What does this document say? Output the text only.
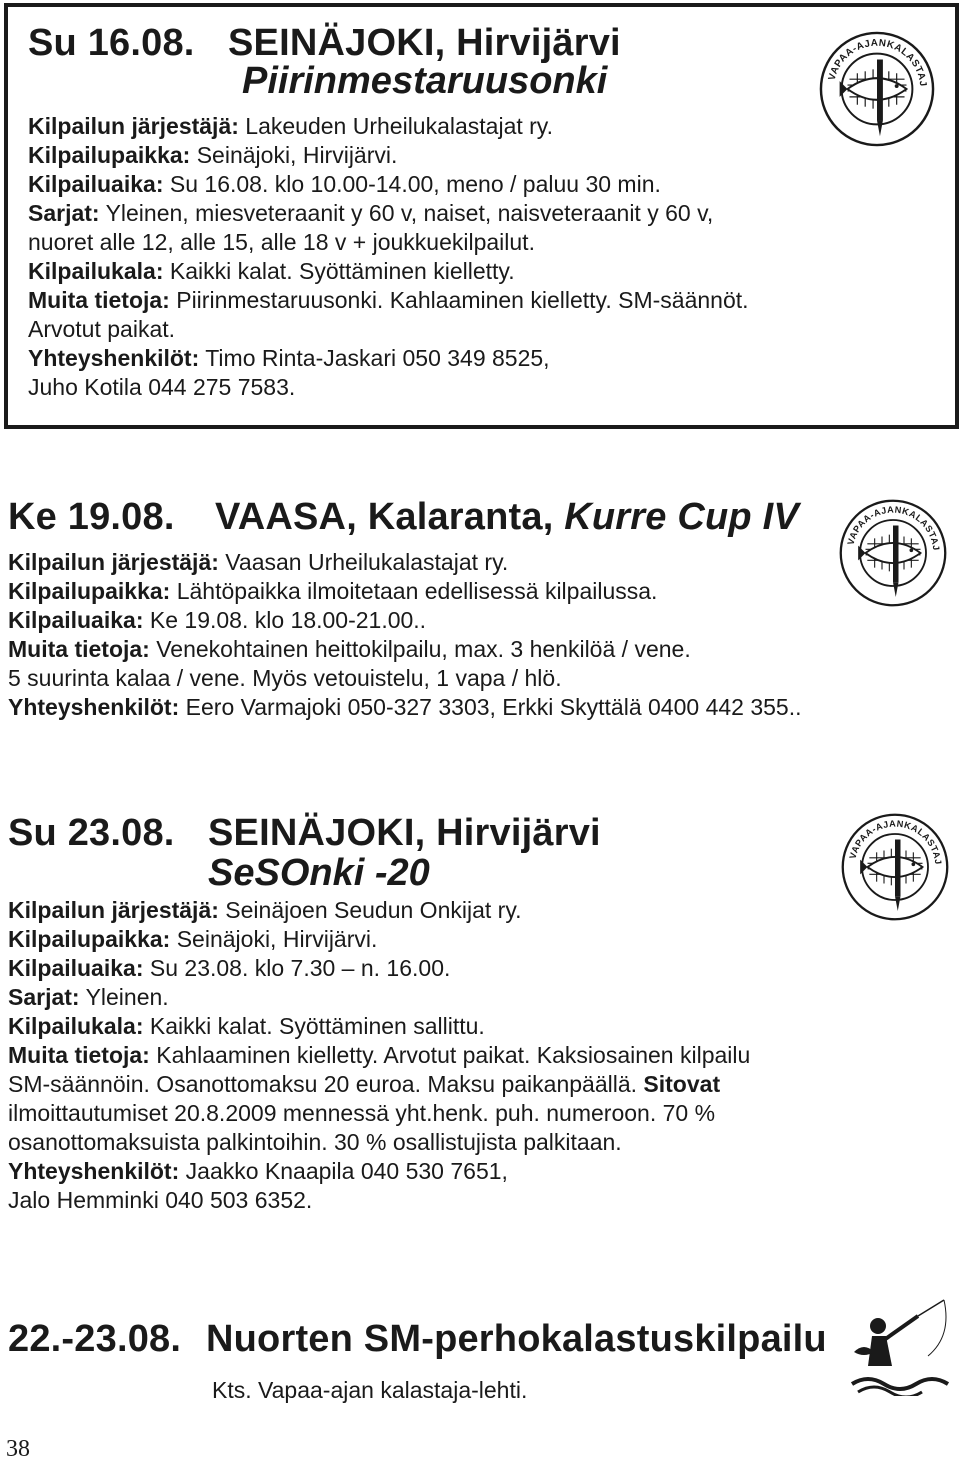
Su 16.08. SEINÄJOKI, Hirvijärvi
Piirinmestaruusonki
Kilpailun järjestäjä: Lakeuden Urheilukalastajat ry.
Kilpailupaikka: Seinäjoki, Hirvijärvi.
Kilpailuaika: Su 16.08. klo 10.00-14.00, meno / paluu 30 min.
Sarjat: Yleinen, miesveteraanit y 60 v, naiset, naisveteraanit y 60 v,
nuoret alle 12, alle 15, alle 18 v + joukkuekilpailut.
Kilpailukala: Kaikki kalat. Syöttäminen kielletty.
Muita tietoja: Piirinmestaruusonki. Kahlaaminen kielletty. SM-säännöt.
Arvotut paikat.
Yhteyshenkilöt: Timo Rinta-Jaskari 050 349 8525,
Juho Kotila 044 275 7583.
VAPAA-AJANKALASTAJ
Ke 19.08. VAASA, Kalaranta, Kurre Cup IV
Kilpailun järjestäjä: Vaasan Urheilukalastajat ry.
Kilpailupaikka: Lähtöpaikka ilmoitetaan edellisessä kilpailussa.
Kilpailuaika: Ke 19.08. klo 18.00-21.00..
Muita tietoja: Venekohtainen heittokilpailu, max. 3 henkilöä / vene.
5 suurinta kalaa / vene. Myös vetouistelu, 1 vapa / hlö.
Yhteyshenkilöt: Eero Varmajoki 050-327 3303, Erkki Skyttälä 0400 442 355..
VAPAA-AJANKALASTAJ
Su 23.08. SEINÄJOKI, Hirvijärvi
SeSOnki -20
Kilpailun järjestäjä: Seinäjoen Seudun Onkijat ry.
Kilpailupaikka: Seinäjoki, Hirvijärvi.
Kilpailuaika: Su 23.08. klo 7.30 – n. 16.00.
Sarjat: Yleinen.
Kilpailukala: Kaikki kalat. Syöttäminen sallittu.
Muita tietoja: Kahlaaminen kielletty. Arvotut paikat. Kaksiosainen kilpailu
SM-säännöin. Osanottomaksu 20 euroa. Maksu paikanpäällä. Sitovat
ilmoittautumiset 20.8.2009 mennessä yht.henk. puh. numeroon. 70 %
osanottomaksuista palkintoihin. 30 % osallistujista palkitaan.
Yhteyshenkilöt: Jaakko Knaapila 040 530 7651,
Jalo Hemminki 040 503 6352.
VAPAA-AJANKALASTAJ
22.-23.08. Nuorten SM-perhokalastuskilpailu
Kts. Vapaa-ajan kalastaja-lehti.
38
